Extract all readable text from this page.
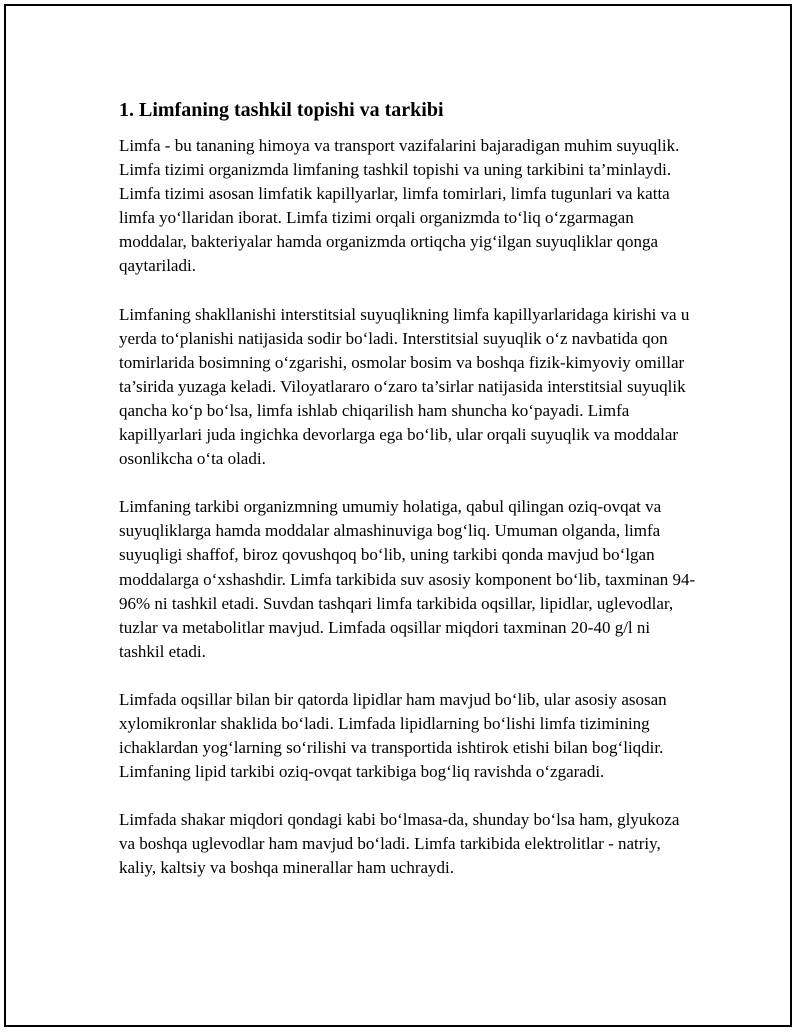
1. Limfaning tashkil topishi va tarkibi

Limfa - bu tananing himoya va transport vazifalarini bajaradigan muhim suyuqlik. Limfa tizimi organizmda limfaning tashkil topishi va uning tarkibini ta’minlaydi. Limfa tizimi asosan limfatik kapillyarlar, limfa tomirlari, limfa tugunlari va katta limfa yo‘llaridan iborat. Limfa tizimi orqali organizmda to‘liq o‘zgarmagan moddalar, bakteriyalar hamda organizmda ortiqcha yig‘ilgan suyuqliklar qonga qaytariladi.

Limfaning shakllanishi interstitsial suyuqlikning limfa kapillyarlaridaga kirishi va u yerda to‘planishi natijasida sodir bo‘ladi. Interstitsial suyuqlik o‘z navbatida qon tomirlarida bosimning o‘zgarishi, osmolar bosim va boshqa fizik-kimyoviy omillar ta’sirida yuzaga keladi. Viloyatlararo o‘zaro ta’sirlar natijasida interstitsial suyuqlik qancha ko‘p bo‘lsa, limfa ishlab chiqarilish ham shuncha ko‘payadi. Limfa kapillyarlari juda ingichka devorlarga ega bo‘lib, ular orqali suyuqlik va moddalar osonlikcha o‘ta oladi.

Limfaning tarkibi organizmning umumiy holatiga, qabul qilingan oziq-ovqat va suyuqliklarga hamda moddalar almashinuviga bog‘liq. Umuman olganda, limfa suyuqligi shaffof, biroz qovushqoq bo‘lib, uning tarkibi qonda mavjud bo‘lgan moddalarga o‘xshashdir. Limfa tarkibida suv asosiy komponent bo‘lib, taxminan 94-96% ni tashkil etadi. Suvdan tashqari limfa tarkibida oqsillar, lipidlar, uglevodlar, tuzlar va metabolitlar mavjud. Limfada oqsillar miqdori taxminan 20-40 g/l ni tashkil etadi.

Limfada oqsillar bilan bir qatorda lipidlar ham mavjud bo‘lib, ular asosiy asosan xylomikronlar shaklida bo‘ladi. Limfada lipidlarning bo‘lishi limfa tizimining ichaklardan yog‘larning so‘rilishi va transportida ishtirok etishi bilan bog‘liqdir. Limfaning lipid tarkibi oziq-ovqat tarkibiga bog‘liq ravishda o‘zgaradi.

Limfada shakar miqdori qondagi kabi bo‘lmasa-da, shunday bo‘lsa ham, glyukoza va boshqa uglevodlar ham mavjud bo‘ladi. Limfa tarkibida elektrolitlar - natriy, kaliy, kaltsiy va boshqa minerallar ham uchraydi.
